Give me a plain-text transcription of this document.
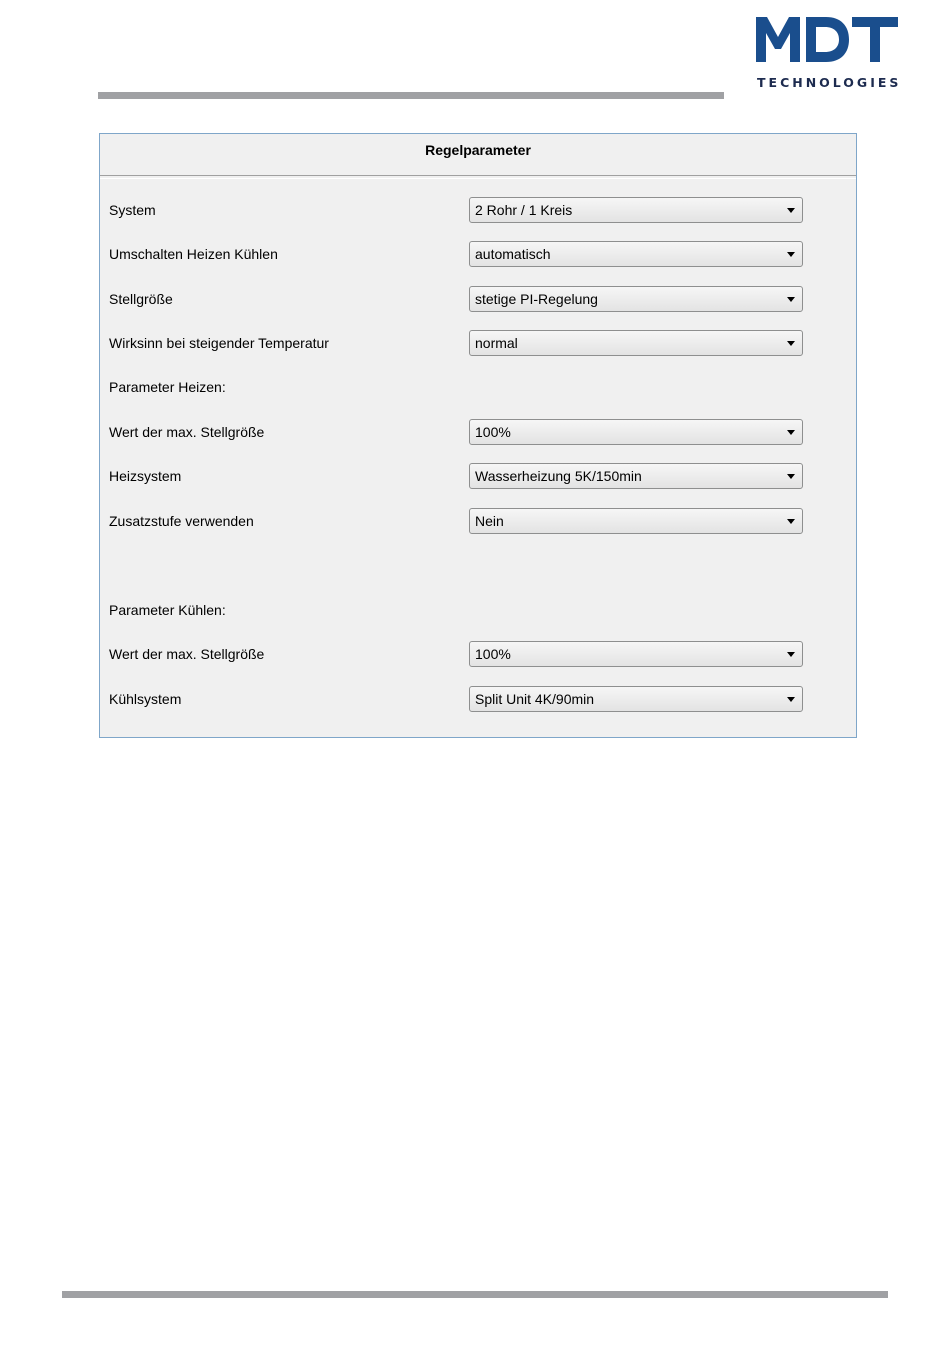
TECHNOLOGIES
Regelparameter
System	2 Rohr / 1 Kreis
Umschalten Heizen Kühlen	automatisch
Stellgröße	stetige PI-Regelung
Wirksinn bei steigender Temperatur	normal
Parameter Heizen:
Wert der max. Stellgröße	100%
Heizsystem	Wasserheizung 5K/150min
Zusatzstufe verwenden	Nein
Parameter Kühlen:
Wert der max. Stellgröße	100%
Kühlsystem	Split Unit 4K/90min
